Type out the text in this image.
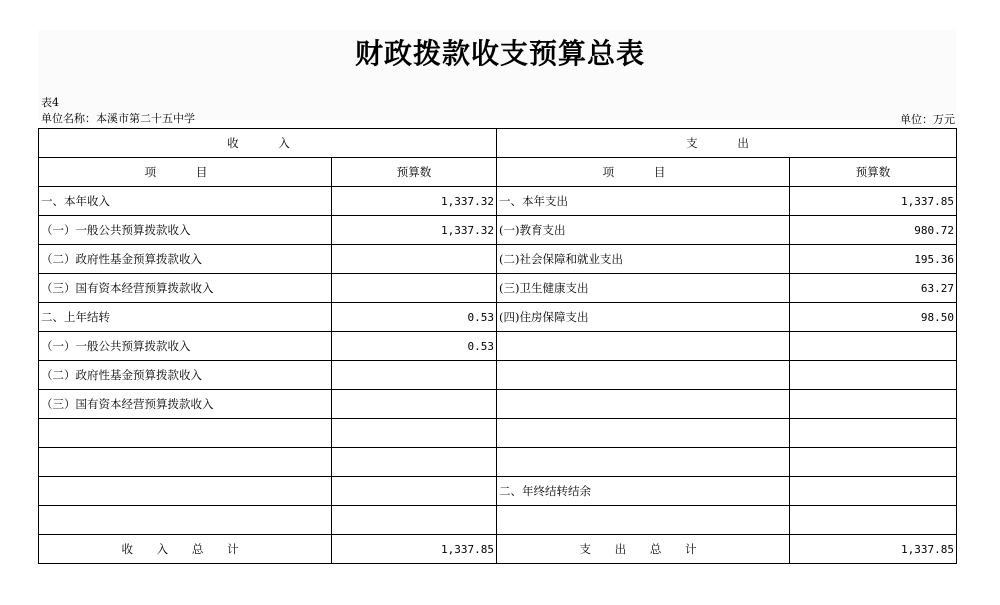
财政拨款收支预算总表
表4
单位名称：本溪市第二十五中学	单位：万元
收 入		支 出	
项 目	预算数	项 目	预算数
一、本年收入	1,337.32	一、本年支出	1,337.85
（一）一般公共预算拨款收入	1,337.32	(一)教育支出	980.72
（二）政府性基金预算拨款收入		(二)社会保障和就业支出	195.36
（三）国有资本经营预算拨款收入		(三)卫生健康支出	63.27
二、上年结转	0.53	(四)住房保障支出	98.50
（一）一般公共预算拨款收入	0.53		
（二）政府性基金预算拨款收入			
（三）国有资本经营预算拨款收入			

		二、年终结转结余	

收 入 总 计	1,337.85	支 出 总 计	1,337.85
